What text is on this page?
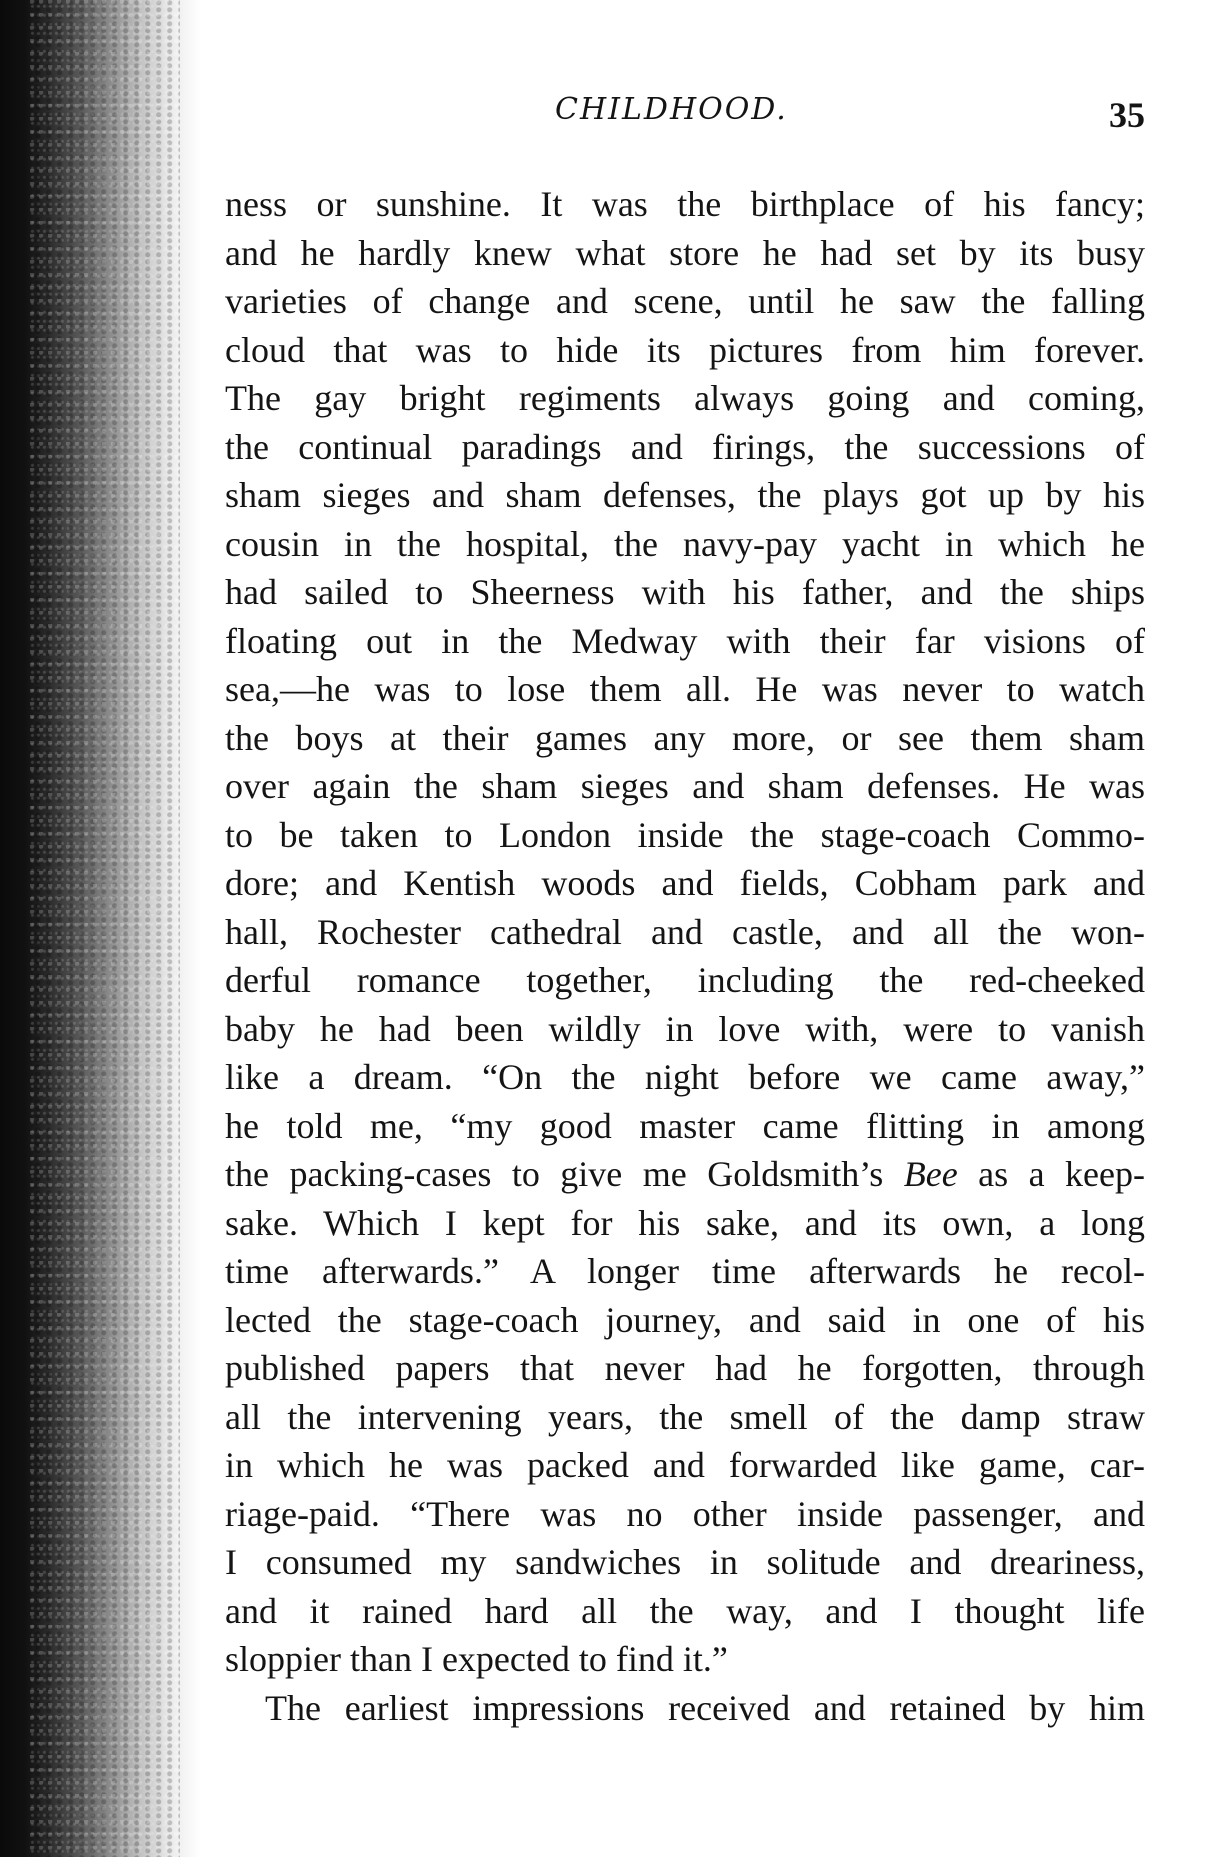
CHILDHOOD.	35
ness or sunshine. It was the birthplace of his fancy;
and he hardly knew what store he had set by its busy
varieties of change and scene, until he saw the falling
cloud that was to hide its pictures from him forever.
The gay bright regiments always going and coming,
the continual paradings and firings, the successions of
sham sieges and sham defenses, the plays got up by his
cousin in the hospital, the navy-pay yacht in which he
had sailed to Sheerness with his father, and the ships
floating out in the Medway with their far visions of
sea,—he was to lose them all. He was never to watch
the boys at their games any more, or see them sham
over again the sham sieges and sham defenses. He was
to be taken to London inside the stage-coach Commo-
dore; and Kentish woods and fields, Cobham park and
hall, Rochester cathedral and castle, and all the won-
derful romance together, including the red-cheeked
baby he had been wildly in love with, were to vanish
like a dream. “On the night before we came away,”
he told me, “my good master came flitting in among
the packing-cases to give me Goldsmith’s Bee as a keep-
sake. Which I kept for his sake, and its own, a long
time afterwards.” A longer time afterwards he recol-
lected the stage-coach journey, and said in one of his
published papers that never had he forgotten, through
all the intervening years, the smell of the damp straw
in which he was packed and forwarded like game, car-
riage-paid. “There was no other inside passenger, and
I consumed my sandwiches in solitude and dreariness,
and it rained hard all the way, and I thought life
sloppier than I expected to find it.”
The earliest impressions received and retained by him
